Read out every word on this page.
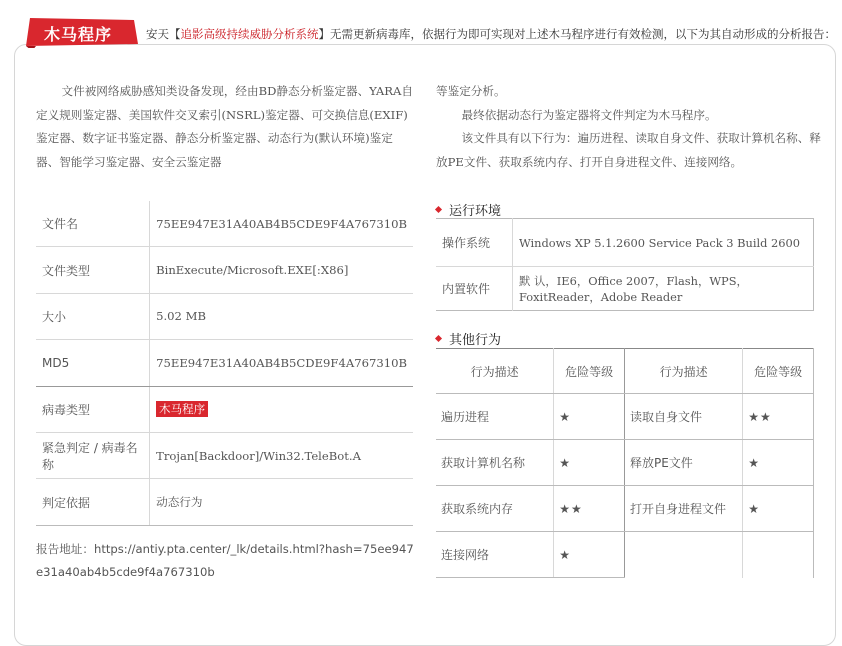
木马程序	安天【追影高级持续威胁分析系统】无需更新病毒库，依据行为即可实现对上述木马程序进行有效检测，以下为其自动形成的分析报告：

文件被网络威胁感知类设备发现，经由BD静态分析鉴定器、YARA自定义规则鉴定器、美国软件交叉索引(NSRL)鉴定器、可交换信息(EXIF)鉴定器、数字证书鉴定器、静态分析鉴定器、动态行为(默认环境)鉴定器、智能学习鉴定器、安全云鉴定器

等鉴定分析。

最终依据动态行为鉴定器将文件判定为木马程序。

该文件具有以下行为：遍历进程、读取自身文件、获取计算机名称、释放PE文件、获取系统内存、打开自身进程文件、连接网络。

文件名	75EE947E31A40AB4B5CDE9F4A767310B
文件类型	BinExecute/Microsoft.EXE[:X86]
大小	5.02 MB
MD5	75EE947E31A40AB4B5CDE9F4A767310B
病毒类型	木马程序
紧急判定 / 病毒名称	Trojan[Backdoor]/Win32.TeleBot.A
判定依据	动态行为
报告地址：https://antiy.pta.center/_lk/details.html?hash=75ee947e31a40ab4b5cde9f4a767310b
运行环境
操作系统	Windows XP 5.1.2600 Service Pack 3 Build 2600
内置软件	默 认，IE6，Office 2007，Flash，WPS，FoxitReader，Adobe Reader
其他行为
行为描述	危险等级	行为描述	危险等级
遍历进程	★	读取自身文件	★★
获取计算机名称	★	释放PE文件	★
获取系统内存	★★	打开自身进程文件	★
连接网络	★		
